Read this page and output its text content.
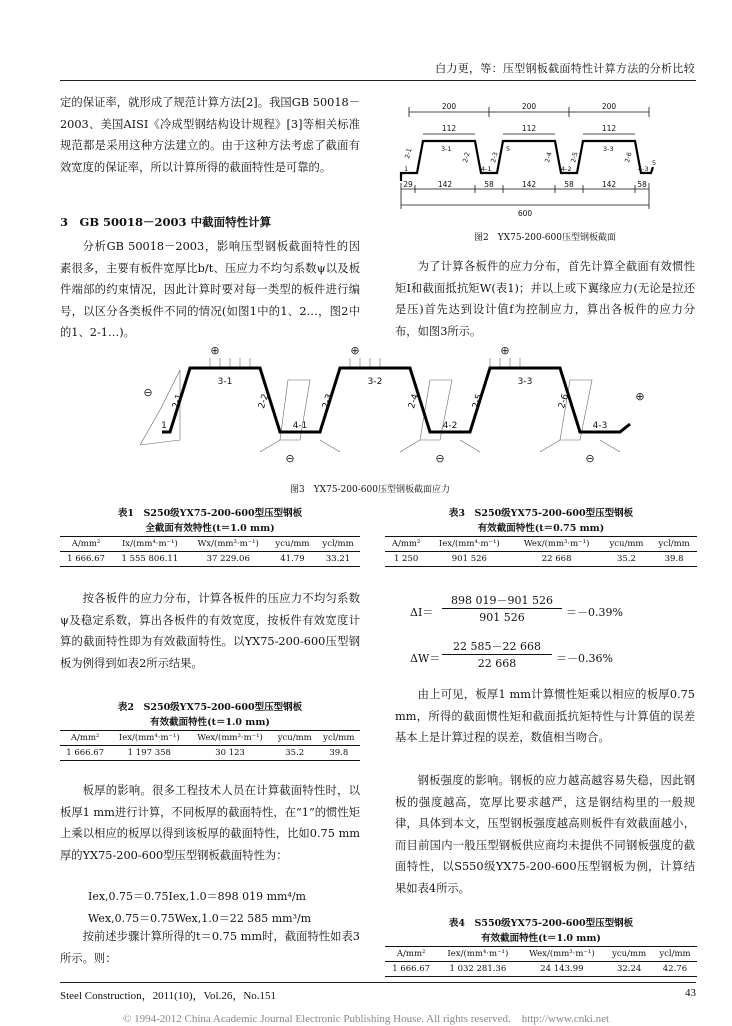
白力更，等：压型钢板截面特性计算方法的分析比较
定的保证率，就形成了规范计算方法[2]。我国GB 50018－2003、美国AISI《冷成型钢结构设计规程》[3]等相关标准规范都是采用这种方法建立的。由于这种方法考虑了截面有效宽度的保证率，所以计算所得的截面特性是可靠的。
3　GB 50018－2003 中截面特性计算
分析GB 50018－2003，影响压型钢板截面特性的因素很多，主要有板件宽厚比b/t、压应力不均匀系数ψ以及板件端部的约束情况，因此计算时要对每一类型的板件进行编号，以区分各类板件不同的情况(如图1中的1、2…，图2中的1、2-1…)。
200	200	200
112	112	112
29	142	58	142	58	142	58
600
1
2-1	3-1
2-2
4-1
2-3
5
2-4
4-2
2-5
3-3
2-6
4-3
5
图2　YX75-200-600压型钢板截面
为了计算各板件的应力分布，首先计算全截面有效惯性矩I和截面抵抗矩W(表1)；并以上或下翼缘应力(无论是拉还是压)首先达到设计值f为控制应力，算出各板件的应力分布，如图3所示。
3-1	3-2	3-3
2-1	2-2	2-3	2-4	2-5	2-6
1	4-1	4-2	4-3
⊕	⊕	⊕
⊖
⊖	⊖	⊖
⊕
图3　YX75-200-600压型钢板截面应力
表1　S250级YX75-200-600型压型钢板
全截面有效特性(t＝1.0 mm)
A/mm²	Ix/(mm⁴·m⁻¹)	Wx/(mm³·m⁻¹)	ycu/mm	ycl/mm
1 666.67	1 555 806.11	37 229.06	41.79	33.21
按各板件的应力分布，计算各板件的压应力不均匀系数ψ及稳定系数，算出各板件的有效宽度，按板件有效宽度计算的截面特性即为有效截面特性。以YX75-200-600压型钢板为例得到如表2所示结果。
表2　S250级YX75-200-600型压型钢板
有效截面特性(t＝1.0 mm)
A/mm²	Iex/(mm⁴·m⁻¹)	Wex/(mm³·m⁻¹)	ycu/mm	ycl/mm
1 666.67	1 197 358	30 123	35.2	39.8
板厚的影响。很多工程技术人员在计算截面特性时，以板厚1 mm进行计算，不同板厚的截面特性，在“1”的惯性矩上乘以相应的板厚以得到该板厚的截面特性，比如0.75 mm厚的YX75-200-600型压型钢板截面特性为：
Iex,0.75＝0.75Iex,1.0＝898 019 mm⁴/m
Wex,0.75＝0.75Wex,1.0＝22 585 mm³/m
按前述步骤计算所得的t＝0.75 mm时，截面特性如表3所示。则：
表3　S250级YX75-200-600型压型钢板
有效截面特性(t＝0.75 mm)
A/mm²	Iex/(mm⁴·m⁻¹)	Wex/(mm³·m⁻¹)	ycu/mm	ycl/mm
1 250	901 526	22 668	35.2	39.8
ΔI＝
898 019－901 526
901 526	＝－0.39%
ΔW＝
22 585－22 668
22 668	＝－0.36%
由上可见，板厚1 mm计算惯性矩乘以相应的板厚0.75 mm，所得的截面惯性矩和截面抵抗矩特性与计算值的误差基本上是计算过程的误差，数值相当吻合。
钢板强度的影响。钢板的应力越高越容易失稳，因此钢板的强度越高，宽厚比要求越严，这是钢结构里的一般规律，具体到本文，压型钢板强度越高则板件有效截面越小，而目前国内一般压型钢板供应商均未提供不同钢板强度的截面特性，以S550级YX75-200-600压型钢板为例，计算结果如表4所示。
表4　S550级YX75-200-600型压型钢板
有效截面特性(t＝1.0 mm)
A/mm²	Iex/(mm⁴·m⁻¹)	Wex/(mm³·m⁻¹)	ycu/mm	ycl/mm
1 666.67	1 032 281.36	24 143.99	32.24	42.76
Steel Construction，2011(10)，Vol.26，No.151	43
© 1994-2012 China Academic Journal Electronic Publishing House. All rights reserved.　http://www.cnki.net
